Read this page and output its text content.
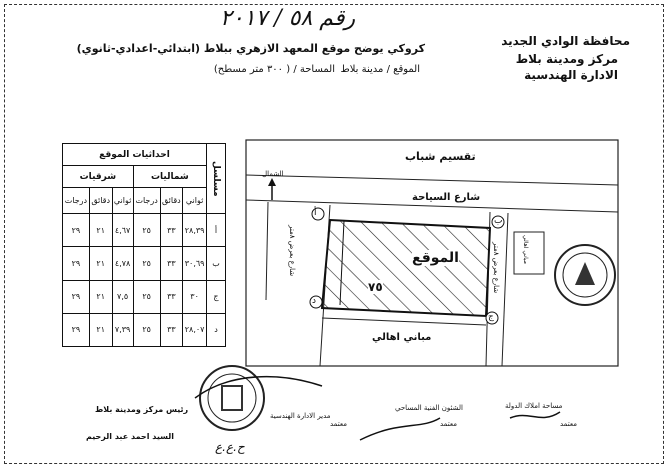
محافظة الوادي الجديد
مركز ومدينة بلاط
الادارة الهندسية
رقم ٥٨ / ٢٠١٧
كروكي يوضح موقع المعهد الازهري ببلاط (ابتدائي-اعدادي-ثانوي)
المساحة / ( ٣٠٠ متر مسطح) الموقع / مدينة بلاط
مسلسل	احداثيات الموقع					
	شماليات			شرقيات		
	ثواني	دقائق	درجات	ثواني	دقائق	درجات
أ	٢٨,٣٩	٣٣	٢٥	٤,٦٧	٢١	٢٩
ب	٣٠,٦٩	٣٣	٢٥	٤,٧٨	٢١	٢٩
ج	٣٠	٣٣	٢٥	٧,٥	٢١	٢٩
د	٢٨,٠٧	٣٣	٢٥	٧,٣٩	٢١	٢٩
تقسيم شباب
شارع السياحة
الشمال
الموقع
٧٥
شارع بعرض ٨متر	شارع بعرض ٨متر
مباني اهالي
مباني اهالي
أ
ب
ج
د
رئيس مركز ومدينة بلاط
السيد احمد عبد الرحيم
مدير الادارة الهندسية
معتمد
الشئون الفنية المساحي
معتمد
مساحة املاك الدولة
معتمد
ح.ع.ع
